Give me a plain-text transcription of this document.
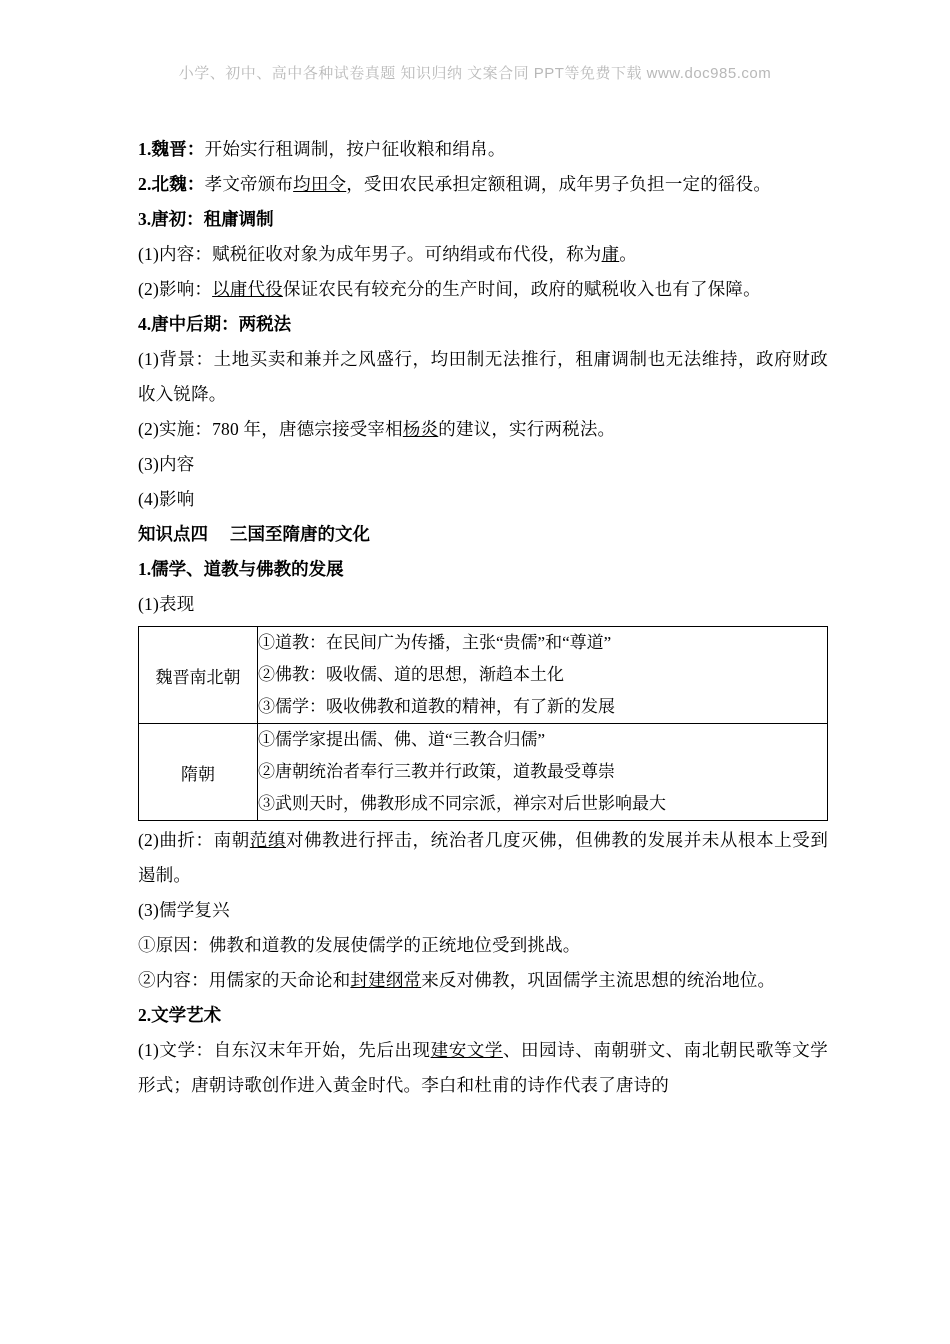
小学、初中、高中各种试卷真题 知识归纳 文案合同 PPT等免费下载 www.doc985.com

1.魏晋：开始实行租调制，按户征收粮和绢帛。

2.北魏：孝文帝颁布均田令，受田农民承担定额租调，成年男子负担一定的徭役。

3.唐初：租庸调制

(1)内容：赋税征收对象为成年男子。可纳绢或布代役，称为庸。

(2)影响：以庸代役保证农民有较充分的生产时间，政府的赋税收入也有了保障。

4.唐中后期：两税法

(1)背景：土地买卖和兼并之风盛行，均田制无法推行，租庸调制也无法维持，政府财政收入锐降。

(2)实施：780 年，唐德宗接受宰相杨炎的建议，实行两税法。

(3)内容

(4)影响

知识点四 三国至隋唐的文化

1.儒学、道教与佛教的发展

(1)表现

魏晋南北朝	①道教：在民间广为传播，主张“贵儒”和“尊道”
②佛教：吸收儒、道的思想，渐趋本土化
③儒学：吸收佛教和道教的精神，有了新的发展

隋朝	①儒学家提出儒、佛、道“三教合归儒”
②唐朝统治者奉行三教并行政策，道教最受尊崇
③武则天时，佛教形成不同宗派，禅宗对后世影响最大

(2)曲折：南朝范缜对佛教进行抨击，统治者几度灭佛，但佛教的发展并未从根本上受到遏制。

(3)儒学复兴

①原因：佛教和道教的发展使儒学的正统地位受到挑战。

②内容：用儒家的天命论和封建纲常来反对佛教，巩固儒学主流思想的统治地位。

2.文学艺术

(1)文学：自东汉末年开始，先后出现建安文学、田园诗、南朝骈文、南北朝民歌等文学形式；唐朝诗歌创作进入黄金时代。李白和杜甫的诗作代表了唐诗的
